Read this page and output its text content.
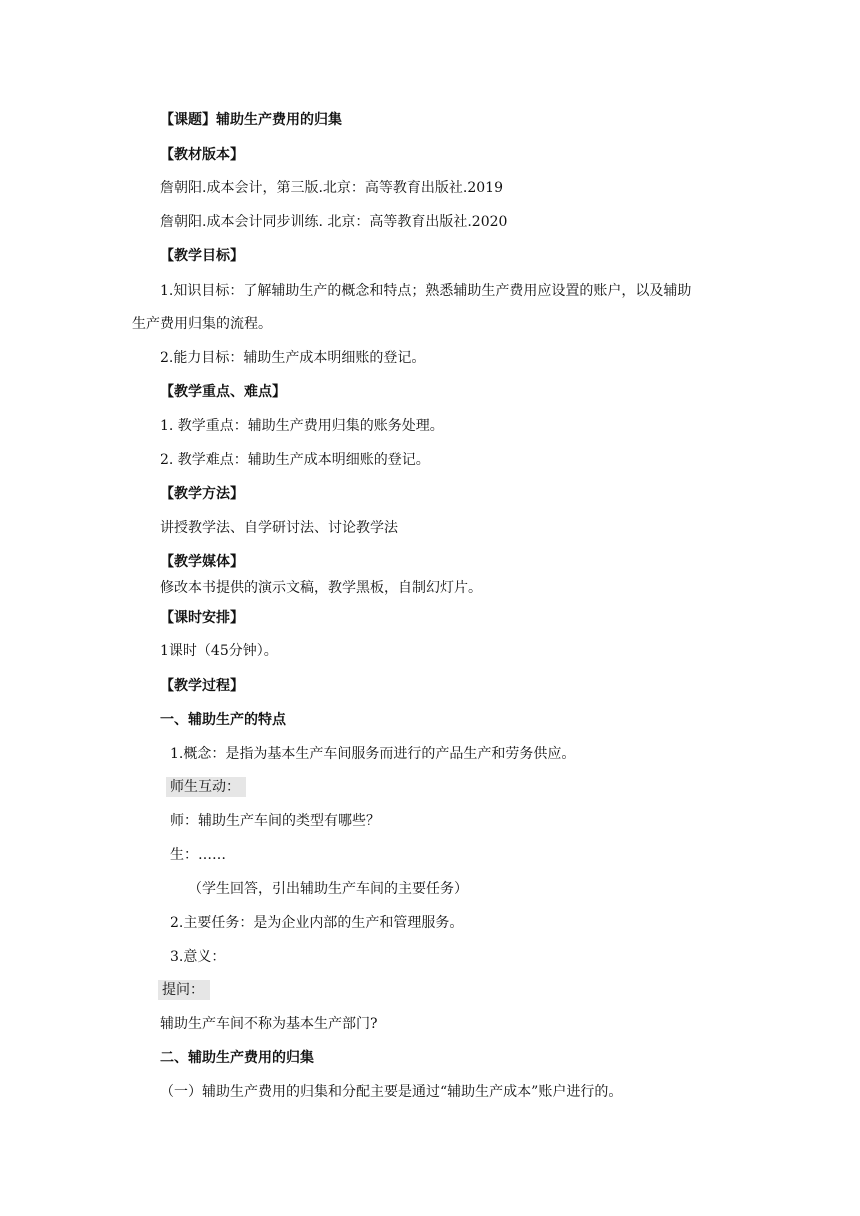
【课题】辅助生产费用的归集
【教材版本】
詹朝阳.成本会计，第三版.北京：高等教育出版社.2019
詹朝阳.成本会计同步训练. 北京：高等教育出版社.2020
【教学目标】
1.知识目标：了解辅助生产的概念和特点；熟悉辅助生产费用应设置的账户，以及辅助
生产费用归集的流程。
2.能力目标：辅助生产成本明细账的登记。
【教学重点、难点】
1. 教学重点：辅助生产费用归集的账务处理。
2. 教学难点：辅助生产成本明细账的登记。
【教学方法】
讲授教学法、自学研讨法、讨论教学法
【教学媒体】
修改本书提供的演示文稿，教学黑板，自制幻灯片。
【课时安排】
1课时（45分钟）。
【教学过程】
一、辅助生产的特点
1.概念：是指为基本生产车间服务而进行的产品生产和劳务供应。
师生互动：
师：辅助生产车间的类型有哪些？
生：……
（学生回答，引出辅助生产车间的主要任务）
2.主要任务：是为企业内部的生产和管理服务。
3.意义：
提问：
辅助生产车间不称为基本生产部门?
二、辅助生产费用的归集
（一）辅助生产费用的归集和分配主要是通过“辅助生产成本”账户进行的。
